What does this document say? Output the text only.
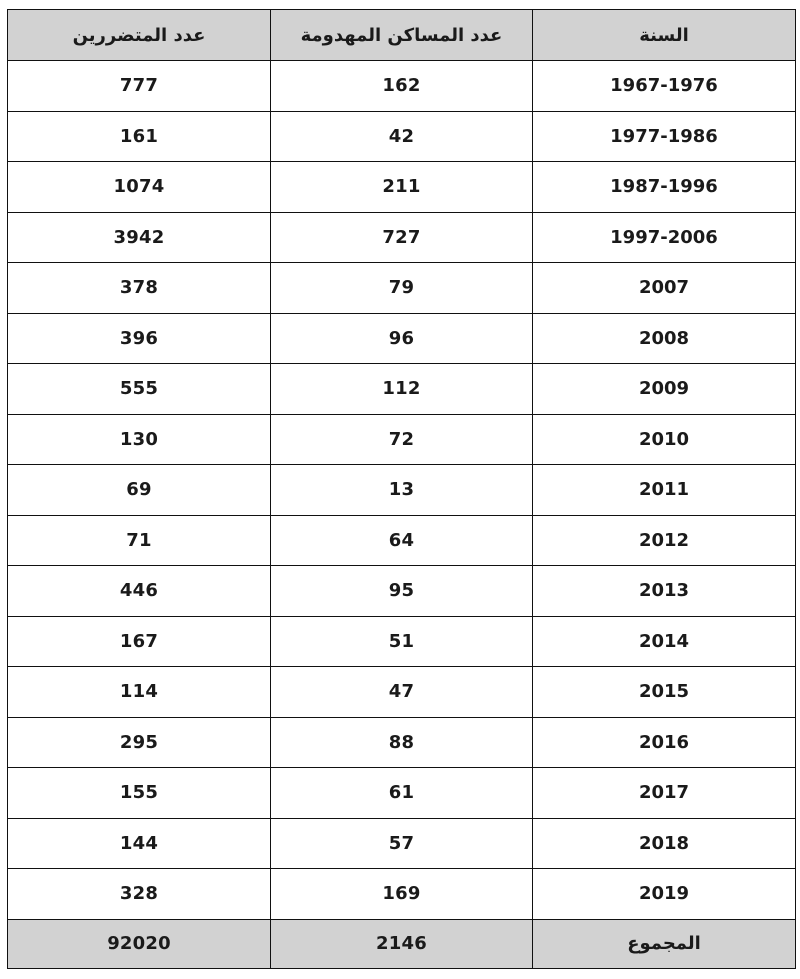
السنة	عدد المساكن المهدومة	عدد المتضررين
1967-1976	162	777
1977-1986	42	161
1987-1996	211	1074
1997-2006	727	3942
2007	79	378
2008	96	396
2009	112	555
2010	72	130
2011	13	69
2012	64	71
2013	95	446
2014	51	167
2015	47	114
2016	88	295
2017	61	155
2018	57	144
2019	169	328
المجموع	2146	92020
